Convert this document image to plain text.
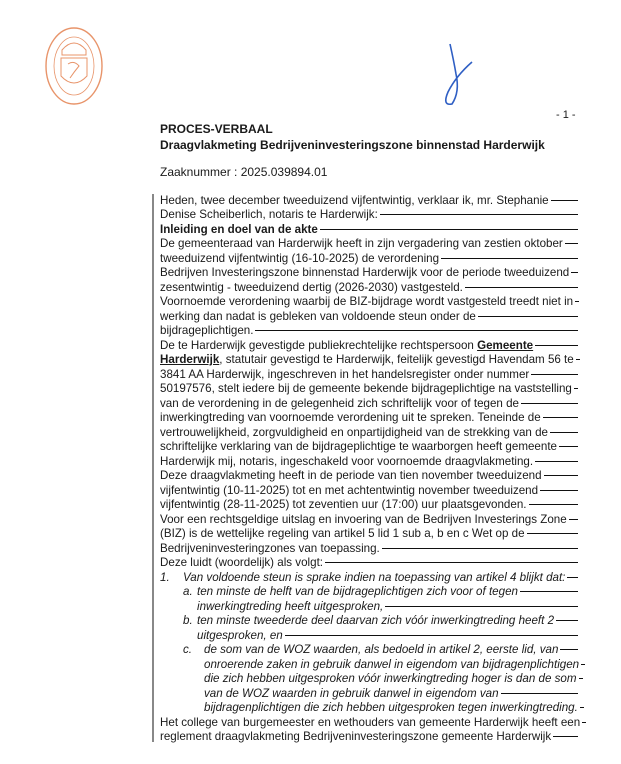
- 1 -
PROCES-VERBAAL
Draagvlakmeting Bedrijveninvesteringszone binnenstad Harderwijk
Zaaknummer : 2025.039894.01
Heden, twee december tweeduizend vijfentwintig, verklaar ik, mr. Stephanie
Denise Scheiberlich, notaris te Harderwijk:
Inleiding en doel van de akte
De gemeenteraad van Harderwijk heeft in zijn vergadering van zestien oktober
tweeduizend vijfentwintig (16-10-2025) de verordening
Bedrijven Investeringszone binnenstad Harderwijk voor de periode tweeduizend
zesentwintig - tweeduizend dertig (2026-2030) vastgesteld.
Voornoemde verordening waarbij de BIZ-bijdrage wordt vastgesteld treedt niet in
werking dan nadat is gebleken van voldoende steun onder de
bijdrageplichtigen.
De te Harderwijk gevestigde publiekrechtelijke rechtspersoon Gemeente
Harderwijk , statutair gevestigd te Harderwijk, feitelijk gevestigd Havendam 56 te
3841 AA Harderwijk, ingeschreven in het handelsregister onder nummer
50197576, stelt iedere bij de gemeente bekende bijdrageplichtige na vaststelling
van de verordening in de gelegenheid zich schriftelijk voor of tegen de
inwerkingtreding van voornoemde verordening uit te spreken. Teneinde de
vertrouwelijkheid, zorgvuldigheid en onpartijdigheid van de strekking van de
schriftelijke verklaring van de bijdrageplichtige te waarborgen heeft gemeente
Harderwijk mij, notaris, ingeschakeld voor voornoemde draagvlakmeting.
Deze draagvlakmeting heeft in de periode van tien november tweeduizend
vijfentwintig (10-11-2025) tot en met achtentwintig november tweeduizend
vijfentwintig (28-11-2025) tot zeventien uur (17:00) uur plaatsgevonden.
Voor een rechtsgeldige uitslag en invoering van de Bedrijven Investerings Zone
(BIZ) is de wettelijke regeling van artikel 5 lid 1 sub a, b en c Wet op de
Bedrijveninvesteringzones van toepassing.
Deze luidt (woordelijk) als volgt:
1.	Van voldoende steun is sprake indien na toepassing van artikel 4 blijkt dat:
a. ten minste de helft van de bijdrageplichtigen zich voor of tegen
inwerkingtreding heeft uitgesproken,
b. ten minste tweederde deel daarvan zich vóór inwerkingtreding heeft 2
uitgesproken, en
c.	de som van de WOZ waarden, als bedoeld in artikel 2, eerste lid, van
onroerende zaken in gebruik danwel in eigendom van bijdragenplichtigen
die zich hebben uitgesproken vóór inwerkingtreding hoger is dan de som
van de WOZ waarden in gebruik danwel in eigendom van
bijdragenplichtigen die zich hebben uitgesproken tegen inwerkingtreding.
Het college van burgemeester en wethouders van gemeente Harderwijk heeft een
reglement draagvlakmeting Bedrijveninvesteringszone gemeente Harderwijk
